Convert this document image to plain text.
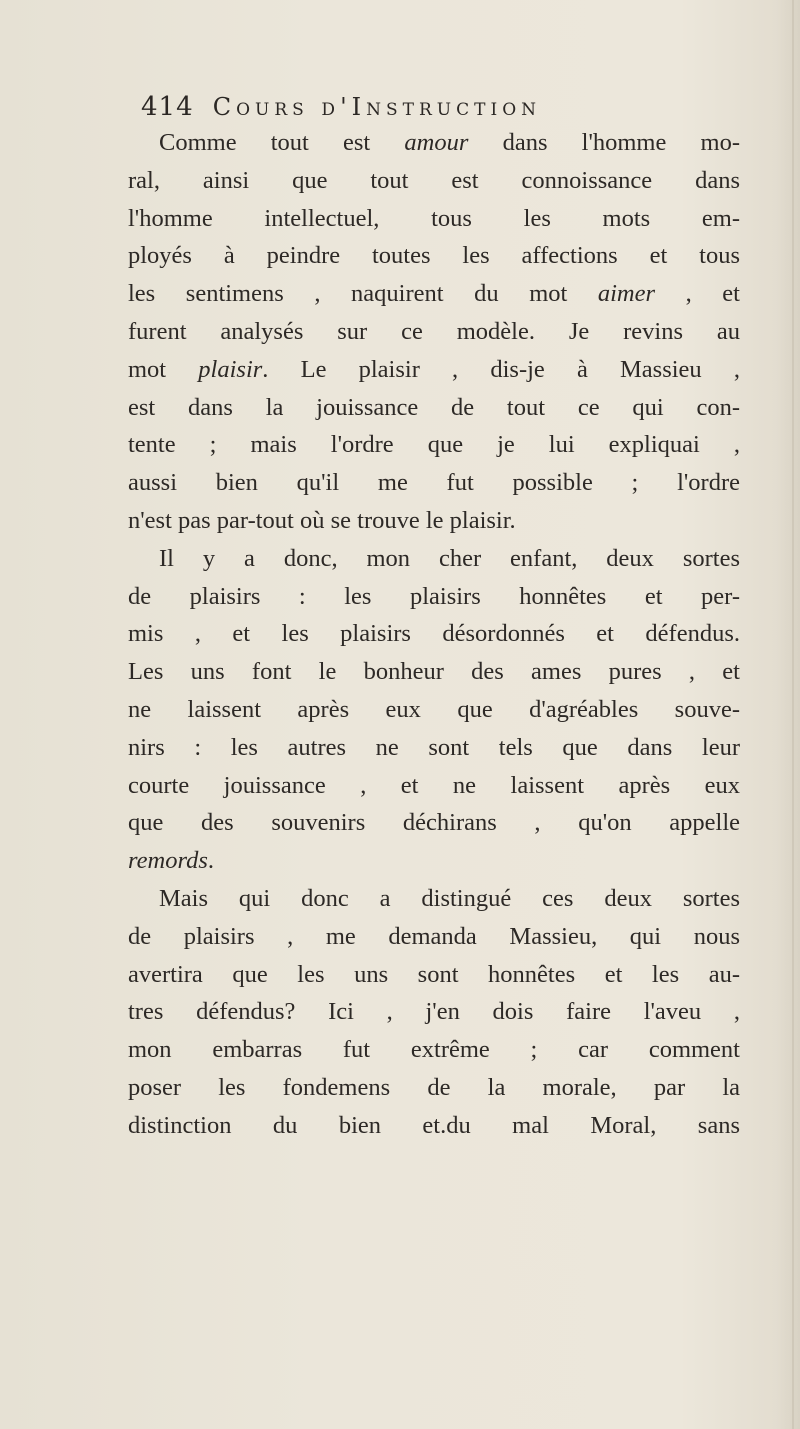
414 Cours d'Instruction
Comme tout est amour dans l'homme mo-
ral, ainsi que tout est connoissance dans
l'homme intellectuel, tous les mots em-
ployés à peindre toutes les affections et tous
les sentimens , naquirent du mot aimer , et
furent analysés sur ce modèle. Je revins au
mot plaisir. Le plaisir , dis-je à Massieu ,
est dans la jouissance de tout ce qui con-
tente ; mais l'ordre que je lui expliquai ,
aussi bien qu'il me fut possible ; l'ordre
n'est pas par-tout où se trouve le plaisir.
Il y a donc, mon cher enfant, deux sortes
de plaisirs : les plaisirs honnêtes et per-
mis , et les plaisirs désordonnés et défendus.
Les uns font le bonheur des ames pures , et
ne laissent après eux que d'agréables souve-
nirs : les autres ne sont tels que dans leur
courte jouissance , et ne laissent après eux
que des souvenirs déchirans , qu'on appelle
remords.
Mais qui donc a distingué ces deux sortes
de plaisirs , me demanda Massieu, qui nous
avertira que les uns sont honnêtes et les au-
tres défendus? Ici , j'en dois faire l'aveu ,
mon embarras fut extrême ; car comment
poser les fondemens de la morale, par la
distinction du bien et.du mal Moral, sans
